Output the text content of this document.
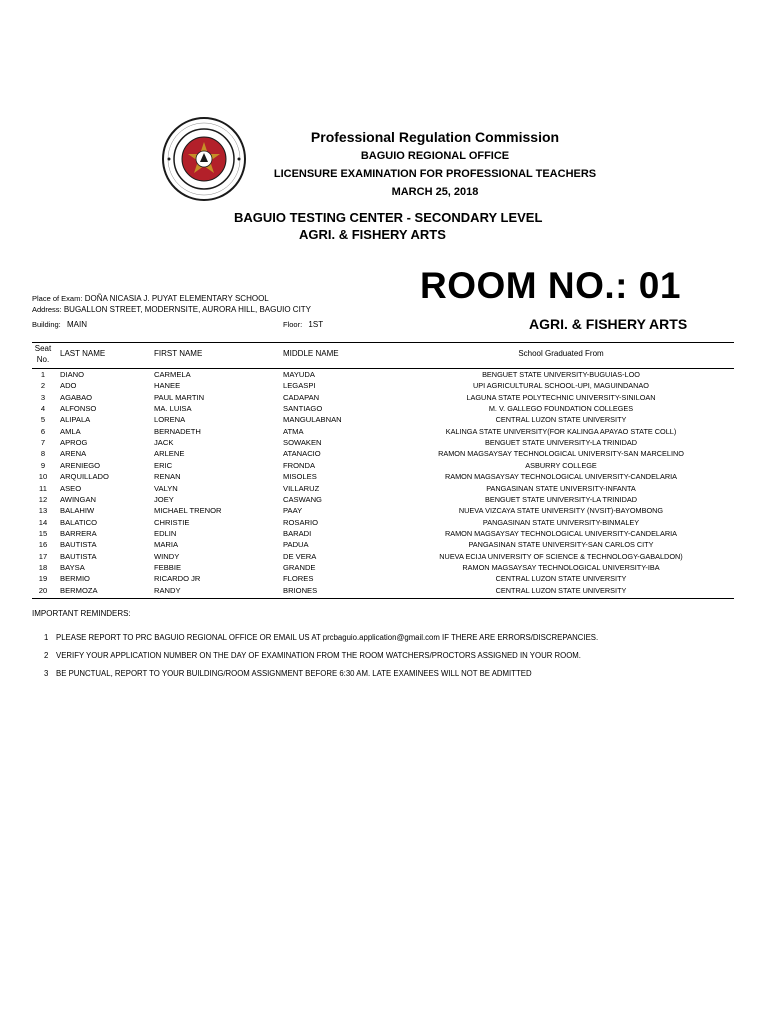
Professional Regulation Commission
BAGUIO REGIONAL OFFICE
LICENSURE EXAMINATION FOR PROFESSIONAL TEACHERS
MARCH 25, 2018
BAGUIO TESTING CENTER - SECONDARY LEVEL
AGRI. & FISHERY ARTS
ROOM NO.: 01
AGRI. & FISHERY ARTS
Place of Exam: DOÑA NICASIA J. PUYAT ELEMENTARY SCHOOL
Address: BUGALLON STREET, MODERNSITE, AURORA HILL, BAGUIO CITY
Building: MAIN	Floor: 1ST
Seat
No.
LAST NAME	FIRST NAME	MIDDLE NAME	School Graduated From
1	DIANO	CARMELA	MAYUDA	BENGUET STATE UNIVERSITY-BUGUIAS-LOO
2	ADO	HANEE	LEGASPI	UPI AGRICULTURAL SCHOOL-UPI, MAGUINDANAO
3	AGABAO	PAUL MARTIN	CADAPAN	LAGUNA STATE POLYTECHNIC UNIVERSITY-SINILOAN
4	ALFONSO	MA. LUISA	SANTIAGO	M. V. GALLEGO FOUNDATION COLLEGES
5	ALIPALA	LORENA	MANGULABNAN	CENTRAL LUZON STATE UNIVERSITY
6	AMLA	BERNADETH	ATMA	KALINGA STATE UNIVERSITY(FOR KALINGA APAYAO STATE COLL)
7	APROG	JACK	SOWAKEN	BENGUET STATE UNIVERSITY-LA TRINIDAD
8	ARENA	ARLENE	ATANACIO	RAMON MAGSAYSAY TECHNOLOGICAL UNIVERSITY-SAN MARCELINO
9	ARENIEGO	ERIC	FRONDA	ASBURRY COLLEGE
10	ARQUILLADO	RENAN	MISOLES	RAMON MAGSAYSAY TECHNOLOGICAL UNIVERSITY-CANDELARIA
11	ASEO	VALYN	VILLARUZ	PANGASINAN STATE UNIVERSITY-INFANTA
12	AWINGAN	JOEY	CASWANG	BENGUET STATE UNIVERSITY-LA TRINIDAD
13	BALAHIW	MICHAEL TRENOR	PAAY	NUEVA VIZCAYA STATE UNIVERSITY (NVSIT)-BAYOMBONG
14	BALATICO	CHRISTIE	ROSARIO	PANGASINAN STATE UNIVERSITY-BINMALEY
15	BARRERA	EDLIN	BARADI	RAMON MAGSAYSAY TECHNOLOGICAL UNIVERSITY-CANDELARIA
16	BAUTISTA	MARIA	PADUA	PANGASINAN STATE UNIVERSITY-SAN CARLOS CITY
17	BAUTISTA	WINDY	DE VERA	NUEVA ECIJA UNIVERSITY OF SCIENCE & TECHNOLOGY-GABALDON)
18	BAYSA	FEBBIE	GRANDE	RAMON MAGSAYSAY TECHNOLOGICAL UNIVERSITY-IBA
19	BERMIO	RICARDO JR	FLORES	CENTRAL LUZON STATE UNIVERSITY
20	BERMOZA	RANDY	BRIONES	CENTRAL LUZON STATE UNIVERSITY
IMPORTANT REMINDERS:
1 PLEASE REPORT TO PRC BAGUIO REGIONAL OFFICE OR EMAIL US AT prcbaguio.application@gmail.com IF THERE ARE ERRORS/DISCREPANCIES.
2 VERIFY YOUR APPLICATION NUMBER ON THE DAY OF EXAMINATION FROM THE ROOM WATCHERS/PROCTORS ASSIGNED IN YOUR ROOM.
3 BE PUNCTUAL, REPORT TO YOUR BUILDING/ROOM ASSIGNMENT BEFORE 6:30 AM. LATE EXAMINEES WILL NOT BE ADMITTED
